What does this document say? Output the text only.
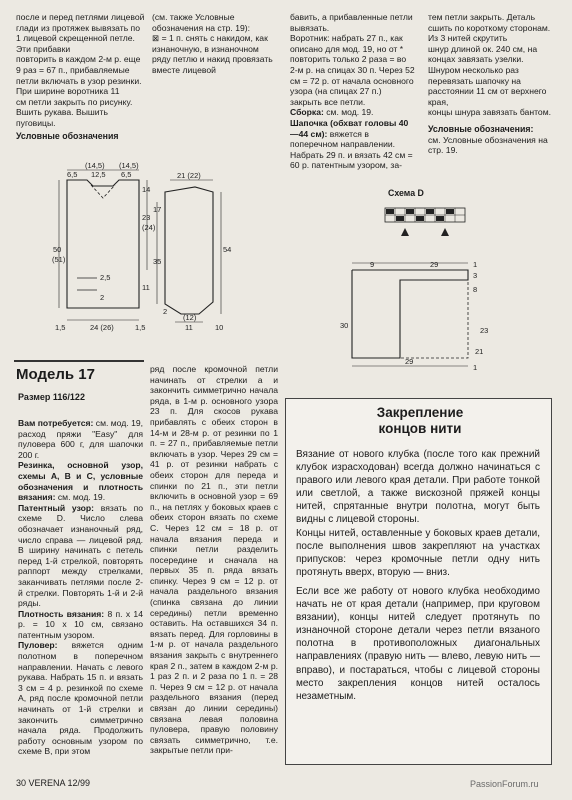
после и перед петлями лицевой
глади из протяжек вывязать по 1 лицевой скрещенной петле. Эти прибавки
повторить в каждом 2-м р. еще
9 раз = 67 п., прибавляемые
петли включать в узор резинки. При ширине воротника 11
см петли закрыть по рисунку.
Вшить рукава. Вышить пуговицы.
Условные обозначения
(см. также Условные обозначения на стр. 19):
⊠ = 1 п. снять с накидом, как изнаночную, в изнаночном ряду петлю и накид провязать вместе лицевой
бавить, а прибавленные петли вывязать.
Воротник: набрать 27 п., как описано для мод. 19, но от * повторить только 2 раза = во 2-м р. на спицах 30 п. Через 52 см = 72 р. от начала основного узора (на спицах 27 п.) закрыть все петли.
Сборка: см. мод. 19.
Шапочка (обхват головы 40—44 см): вяжется в поперечном направлении. Набрать 29 п. и вязать 42 см = 60 р. патентным узором, за-
тем петли закрыть. Деталь
сшить по короткому сторонам. Из 3 нитей скрутить
шнур длиной ок. 240 см, на
концах завязать узелки.
Шнуром несколько раз перевязать шапочку на расстоянии 11 см от верхнего края,
концы шнура завязать бантом.
Условные обозначения:
см. Условные обозначения на стр. 19.
(14,5)
6,5 12,5 6,5
(14,5)
14
23
(24)
50
(51)
2,5
11
2
1,5	24 (26)	1,5
21 (22)
17
35
54
2
(12)
11	10
Схема D
9	29	1
3
8
30
23
21
29
1
Модель 17
Размер 116/122

Вам потребуется: см. мод. 19, расход пряжи "Easy" для пуловера 600 г, для шапочки 200 г.

Резинка, основной узор, схемы A, B и C, условные обозначения и плотность вязания: см. мод. 19.

Патентный узор: вязать по схеме D. Число слева обозначает изнаночный ряд, число справа — лицевой ряд. В ширину начинать с петель перед 1-й стрелкой, повторять раппорт между стрелками, заканчивать петлями после 2-й стрелки. Повторять 1-й и 2-й ряды.

Плотность вязания: 8 п. x 14 р. = 10 x 10 см, связано патентным узором.

Пуловер: вяжется одним полотном в поперечном направлении. Начать с левого рукава. Набрать 15 п. и вязать 3 см = 4 р. резинкой по схеме A, ряд после кромочной петли начинать от 1-й стрелки и закончить симметрично начала ряда. Продолжить работу основным узором по схеме B, при этом

ряд после кромочной петли начинать от стрелки a и закончить симметрично начала ряда, в 1-м р. основного узора 23 п. Для скосов рукава прибавлять с обеих сторон в 14-м и 28-м р. от резинки по 1 п. = 27 п., прибавляемые петли включать в узор. Через 29 см = 41 р. от резинки набрать с обеих сторон для переда и спинки по 21 п., эти петли включить в основной узор = 69 п., на петлях у боковых краев с обеих сторон вязать по схеме C. Через 12 см = 18 р. от начала вязания переда и спинки петли разделить посередине и сначала на первых 35 п. ряда вязать спинку. Через 9 см = 12 р. от начала раздельного вязания (спинка связана до линии середины) петли временно оставить. На оставшихся 34 п. вязать перед. Для горловины в 1-м р. от начала раздельного вязания закрыть с внутреннего края 2 п., затем в каждом 2-м р. 1 раз 2 п. и 2 раза по 1 п. = 28 п. Через 9 см = 12 р. от начала раздельного вязания (перед связан до линии середины) связана левая половина пуловера, правую половину связать симметрично, т.е. закрытые петли при-

Закрепление
концов нити

Вязание от нового клубка (после того как прежний клубок израсходован) всегда должно начинаться с правого или левого края детали. При работе тонкой или светлой, а также вискозной пряжей концы нитей, спрятанные внутри полотна, могут быть видны с лицевой стороны.

Концы нитей, оставленные у боковых краев детали, после выполнения швов закрепляют на участках припусков: через кромочные петли одну нить протянуть вверх, вторую — вниз.

Если все же работу от нового клубка необходимо начать не от края детали (например, при круговом вязании), концы нитей следует протянуть по изнаночной стороне детали через петли вязаного полотна в противоположных диагональных направлениях (правую нить — влево, левую нить — вправо), и постараться, чтобы с лицевой стороны место закрепления концов нитей осталось незаметным.

30 VERENA 12/99	PassionForum.ru
